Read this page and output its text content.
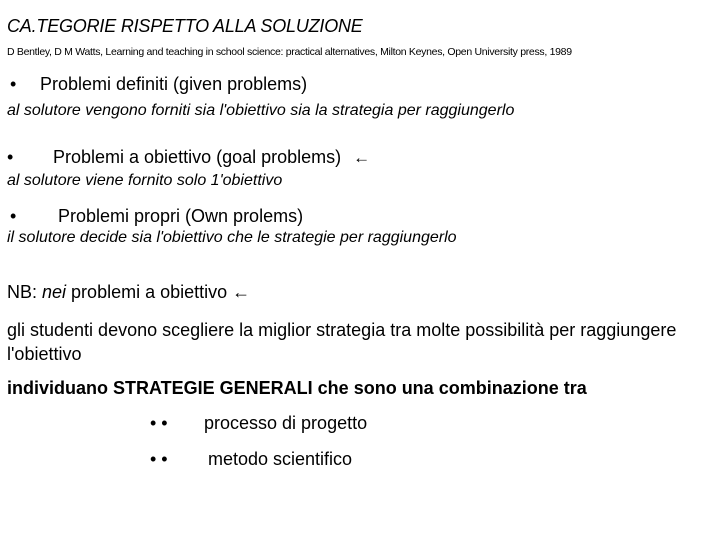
CA.TEGORIE RISPETTO ALLA SOLUZIONE
D Bentley, D M Watts, Learning and teaching in school science: practical alternatives, Milton Keynes, Open University press, 1989
• Problemi definiti (given problems)
al solutore vengono forniti sia l'obiettivo sia la strategia per raggiungerlo
• Problemi a obiettivo (goal problems) ←
al solutore viene fornito solo 1'obiettivo
• Problemi propri (Own prolems)
il solutore decide sia l'obiettivo che le strategie per raggiungerlo
NB: nei problemi a obiettivo ←
gli studenti devono scegliere la miglior strategia tra molte possibilità per raggiungere l'obiettivo
individuano STRATEGIE GENERALI che sono una combinazione tra
• • processo di progetto
• • metodo scientifico
